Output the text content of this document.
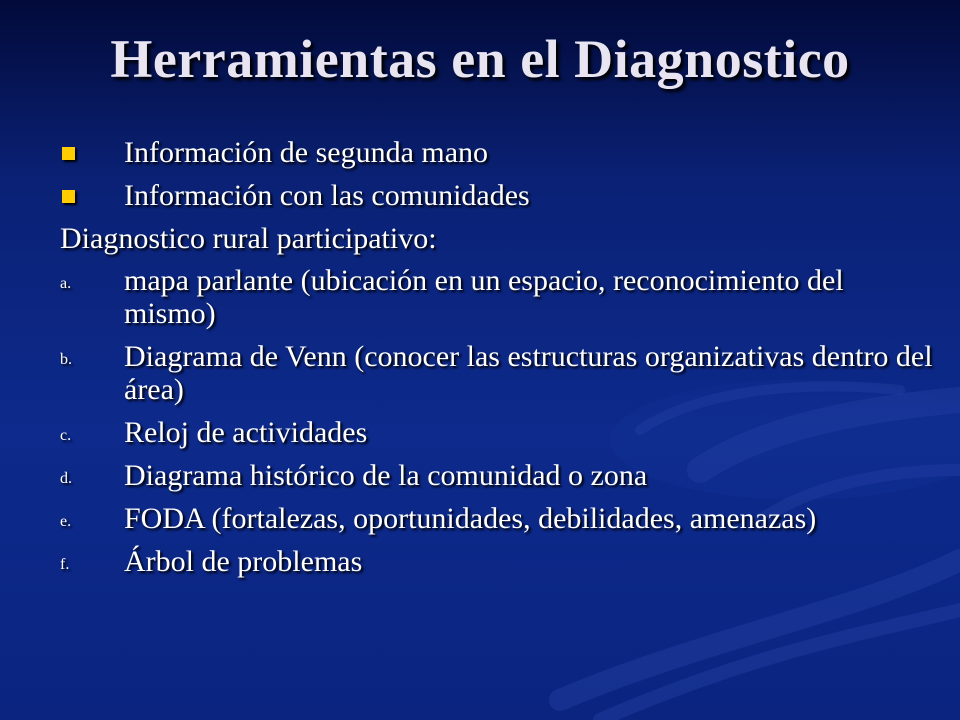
Herramientas en el Diagnostico
Información de segunda mano
Información con las comunidades
Diagnostico rural participativo:
a. mapa parlante (ubicación en un espacio, reconocimiento del mismo)
b. Diagrama de Venn (conocer las estructuras organizativas dentro del área)
c. Reloj de actividades
d. Diagrama histórico de la comunidad o zona
e. FODA (fortalezas, oportunidades, debilidades, amenazas)
f. Árbol de problemas
